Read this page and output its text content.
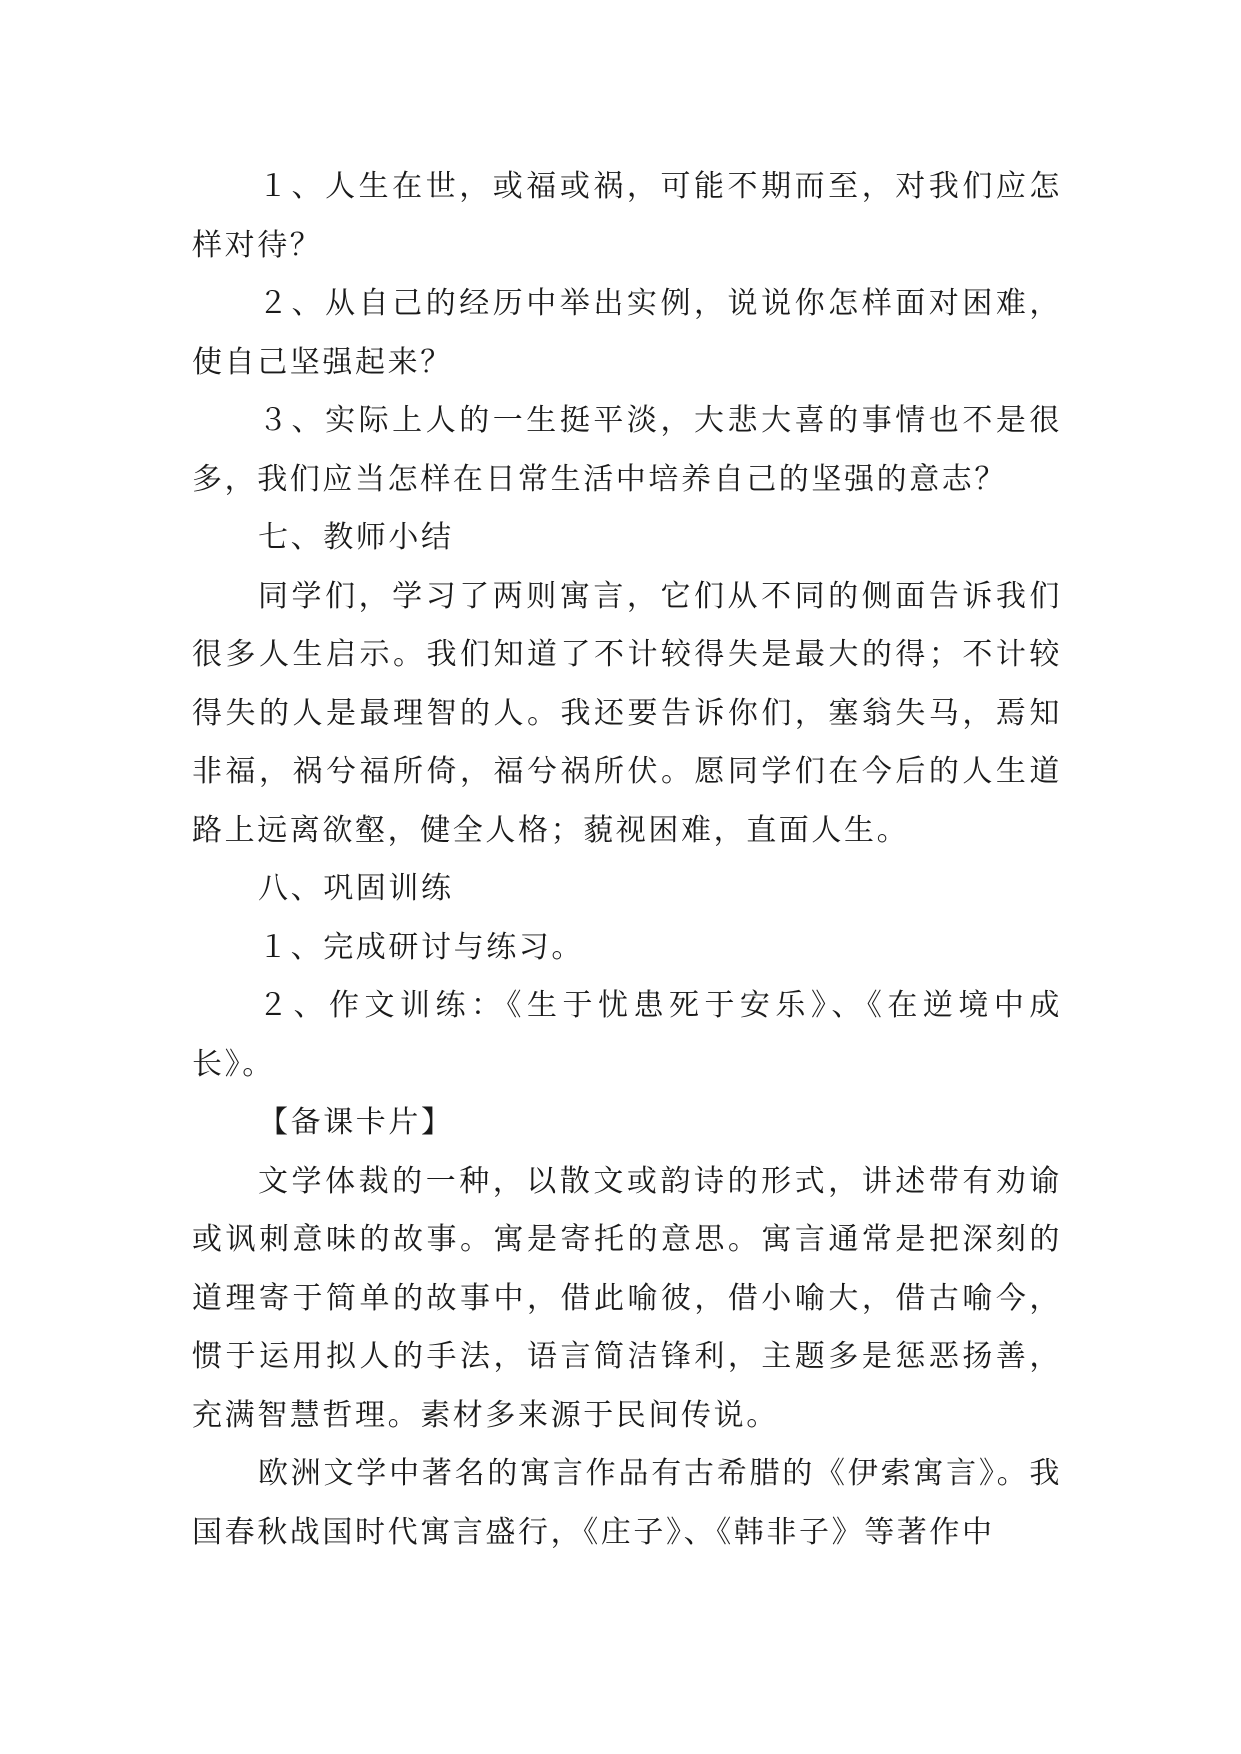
１、人生在世，或福或祸，可能不期而至，对我们应怎样对待？

２、从自己的经历中举出实例，说说你怎样面对困难，使自己坚强起来？

３、实际上人的一生挺平淡，大悲大喜的事情也不是很多，我们应当怎样在日常生活中培养自己的坚强的意志？

七、教师小结

同学们，学习了两则寓言，它们从不同的侧面告诉我们很多人生启示。我们知道了不计较得失是最大的得；不计较得失的人是最理智的人。我还要告诉你们，塞翁失马，焉知非福，祸兮福所倚，福兮祸所伏。愿同学们在今后的人生道路上远离欲壑，健全人格；藐视困难，直面人生。

八、巩固训练

１、完成研讨与练习。

２、作文训练：《生于忧患死于安乐》、《在逆境中成长》。

【备课卡片】

文学体裁的一种，以散文或韵诗的形式，讲述带有劝谕或讽刺意味的故事。寓是寄托的意思。寓言通常是把深刻的道理寄于简单的故事中，借此喻彼，借小喻大，借古喻今，惯于运用拟人的手法，语言简洁锋利，主题多是惩恶扬善，充满智慧哲理。素材多来源于民间传说。

欧洲文学中著名的寓言作品有古希腊的《伊索寓言》。我国春秋战国时代寓言盛行，《庄子》、《韩非子》等著作中
